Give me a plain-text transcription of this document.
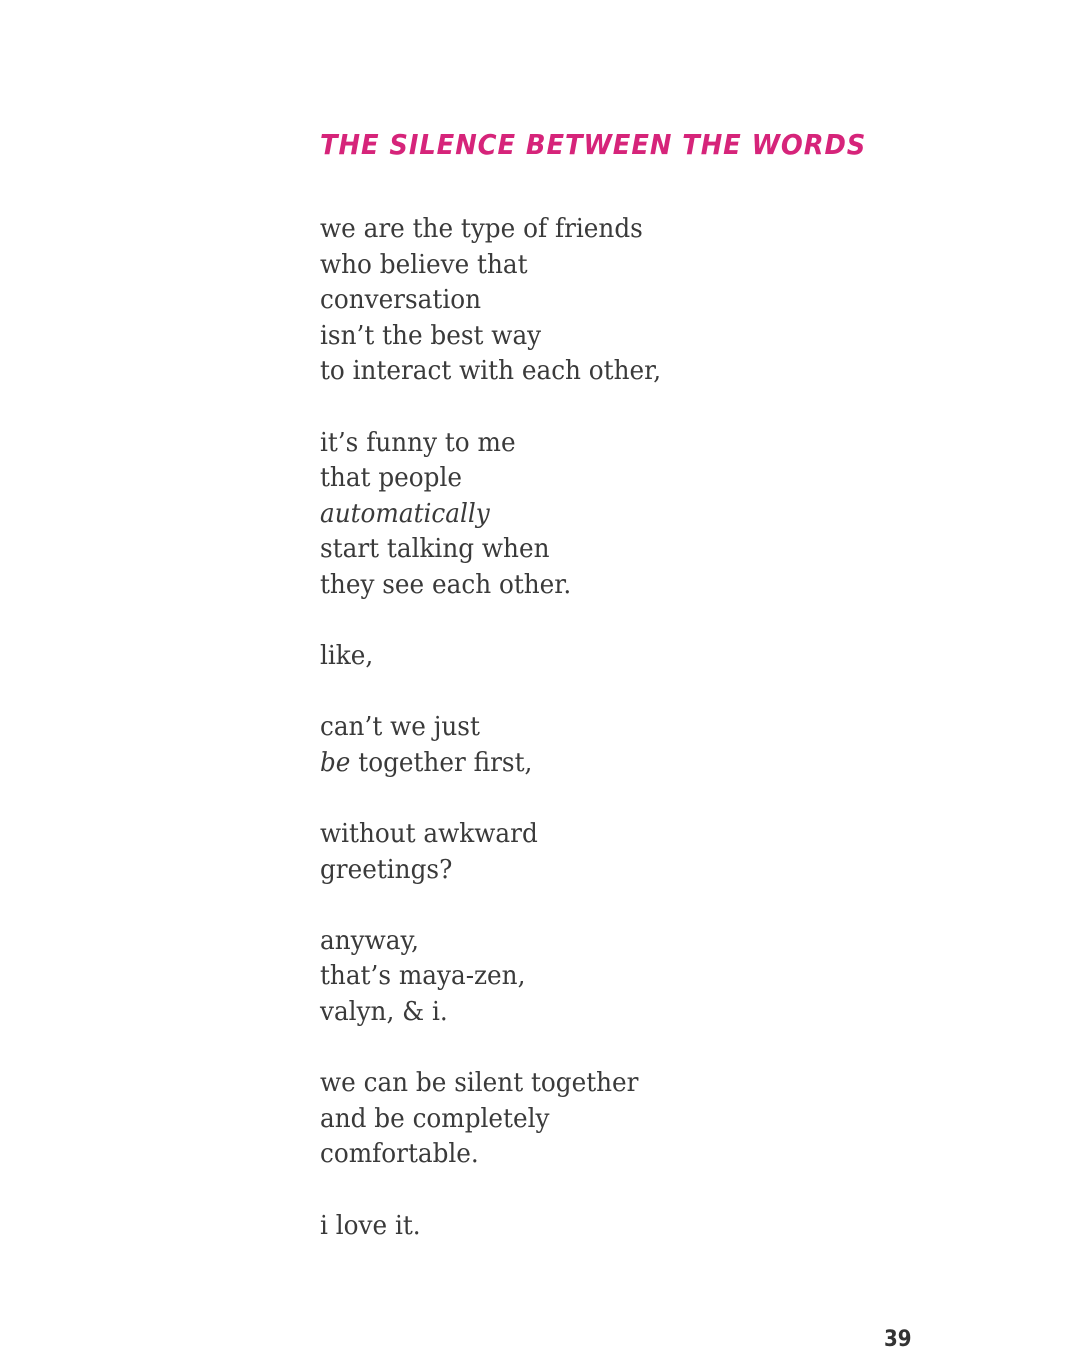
THE SILENCE BETWEEN THE WORDS
we are the type of friends
who believe that
conversation
isn’t the best way
to interact with each other,
it’s funny to me
that people
automatically
start talking when
they see each other.
like,
can’t we just
be together first,
without awkward
greetings?
anyway,
that’s maya-zen,
valyn, & i.
we can be silent together
and be completely
comfortable.
i love it.
39
